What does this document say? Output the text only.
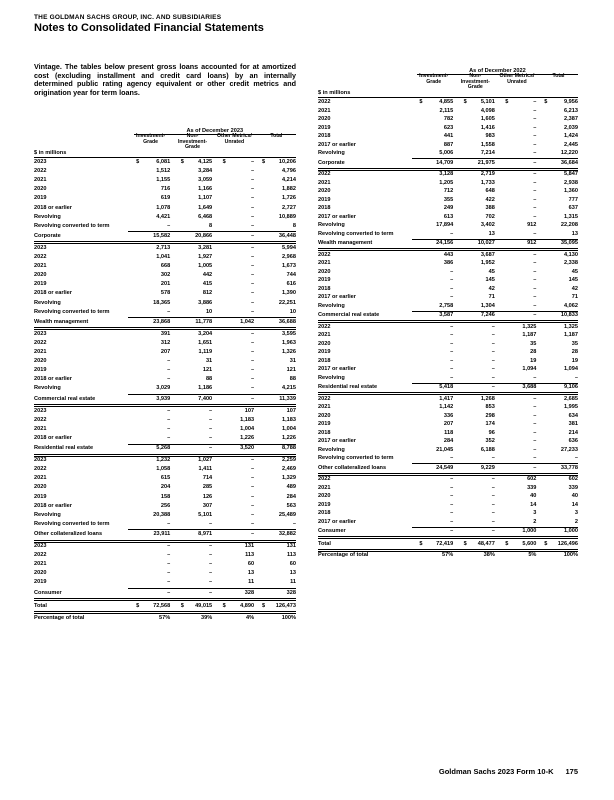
THE GOLDMAN SACHS GROUP, INC. AND SUBSIDIARIES
Notes to Consolidated Financial Statements
Vintage. The tables below present gross loans accounted for at amortized cost (excluding installment and credit card loans) by an internally determined public rating agency equivalent or other credit metrics and origination year for term loans.
As of December 2023
Investment-Grade
Non-Investment-Grade
Other Metrics/ Unrated
Total
$ in millions
2023	$	6,081 $	4,125 $	– $ 10,206
2022	1,512	3,284	–	4,796
2021	1,155	3,059	–	4,214
2020	716	1,166	–	1,882
2019	619	1,107	–	1,726
2018 or earlier	1,078	1,649	–	2,727
Revolving	4,421	6,468	–	10,889
Revolving converted to term	–	8	–	8
Corporate	15,582	20,866	–	36,448
2023	2,713	3,281	–	5,994
2022	1,041	1,927	–	2,968
2021	668	1,005	–	1,673
2020	302	442	–	744
2019	201	415	–	616
2018 or earlier	578	812	–	1,390
Revolving	18,365	3,886	–	22,251
Revolving converted to term	–	10	–	10
Wealth management	23,868	11,778	1,042	36,688
2023	391	3,204	–	3,595
2022	312	1,651	–	1,963
2021	207	1,119	–	1,326
2020	–	31	–	31
2019	–	121	–	121
2018 or earlier	–	88	–	88
Revolving	3,029	1,186	–	4,215
Commercial real estate	3,939	7,400	–	11,339
2023	–	–	107	107
2022	–	–	1,183	1,183
2021	–	–	1,004	1,004
2018 or earlier	–	–	1,226	1,226
Residential real estate	5,268	–	3,520	8,788
2023	1,232	1,027	–	2,259
2022	1,058	1,411	–	2,469
2021	615	714	–	1,329
2020	204	285	–	489
2019	158	126	–	284
2018 or earlier	256	307	–	563
Revolving	20,388	5,101	–	25,489
Revolving converted to term	–	–	–	–
Other collateralized loans	23,911	8,971	–	32,882
2023	–	–	131	131
2022	–	–	113	113
2021	–	–	60	60
2020	–	–	13	13
2019	–	–	11	11
Consumer	–	–	328	328
Total	$ 72,568 $ 49,015 $	4,890 $ 126,473
Percentage of total	57%	39%	4%	100%
As of December 2022
Investment-Grade
Non-Investment-Grade
Other Metrics/ Unrated
Total
$ in millions
2022	$	4,855 $	5,101 $	– $	9,956
2021	2,115	4,098	–	6,213
2020	782	1,605	–	2,387
2019	623	1,416	–	2,039
2018	441	983	–	1,424
2017 or earlier	887	1,558	–	2,445
Revolving	5,006	7,214	–	12,220
Corporate	14,709	21,975	–	36,684
2022	3,128	2,719	–	5,847
2021	1,205	1,733	–	2,938
2020	712	648	–	1,360
2019	355	422	–	777
2018	249	388	–	637
2017 or earlier	613	702	–	1,315
Revolving	17,894	3,402	912	22,208
Revolving converted to term	–	13	–	13
Wealth management	24,156	10,027	912	35,095
2022	443	3,687	–	4,130
2021	386	1,952	–	2,338
2020	–	45	–	45
2019	–	145	–	145
2018	–	42	–	42
2017 or earlier	–	71	–	71
Revolving	2,758	1,304	–	4,062
Commercial real estate	3,587	7,246	–	10,833
2022	–	–	1,325	1,325
2021	–	–	1,187	1,187
2020	–	–	35	35
2019	–	–	28	28
2018	–	–	19	19
2017 or earlier	–	–	1,094	1,094
Revolving	–	–	–	–
Residential real estate	5,418	–	3,688	9,106
2022	1,417	1,268	–	2,685
2021	1,142	853	–	1,995
2020	336	298	–	634
2019	207	174	–	381
2018	118	96	–	214
2017 or earlier	284	352	–	636
Revolving	21,045	6,188	–	27,233
Revolving converted to term	–	–	–	–
Other collateralized loans	24,549	9,229	–	33,778
2022	–	–	602	602
2021	–	–	339	339
2020	–	–	40	40
2019	–	–	14	14
2018	–	–	3	3
2017 or earlier	–	–	2	2
Consumer	–	–	1,000	1,000
Total	$ 72,419 $ 48,477 $	5,600 $ 126,496
Percentage of total	57%	38%	5%	100%
Goldman Sachs 2023 Form 10-K 175
